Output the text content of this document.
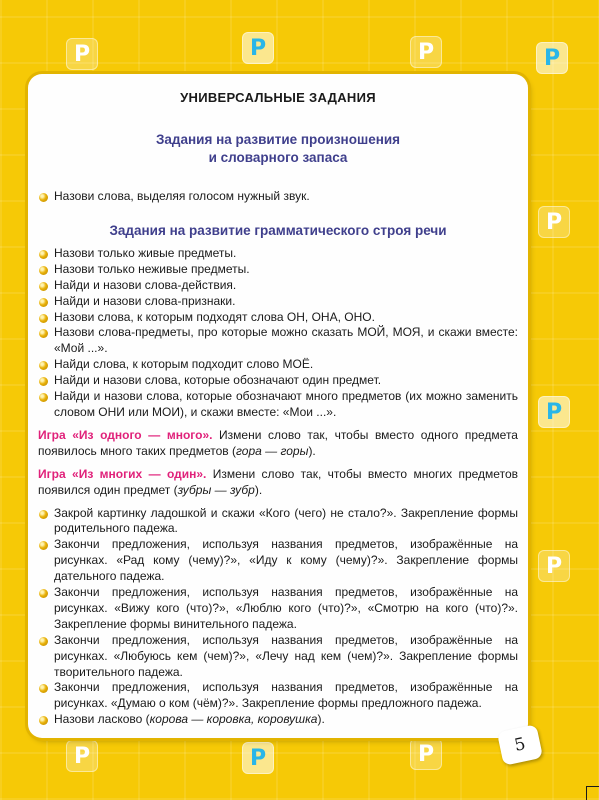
P	P	P	P
P
P
P
P	P	P
УНИВЕРСАЛЬНЫЕ ЗАДАНИЯ
Задания на развитие произношения
и словарного запаса
Назови слова, выделяя голосом нужный звук.
Задания на развитие грамматического строя речи
Назови только живые предметы.
Назови только неживые предметы.
Найди и назови слова-действия.
Найди и назови слова-признаки.
Назови слова, к которым подходят слова ОН, ОНА, ОНО.
Назови слова-предметы, про которые можно сказать МОЙ, МОЯ, и скажи вместе: «Мой ...».
Найди слова, к которым подходит слово МОЁ.
Найди и назови слова, которые обозначают один предмет.
Найди и назови слова, которые обозначают много предметов (их можно заменить словом ОНИ или МОИ), и скажи вместе: «Мои ...».

Игра «Из одного — много». Измени слово так, чтобы вместо одного предмета появилось много таких предметов (гора — горы).

Игра «Из многих — один». Измени слово так, чтобы вместо многих предметов появился один предмет (зубры — зубр).

Закрой картинку ладошкой и скажи «Кого (чего) не стало?». Закрепление формы родительного падежа.
Закончи предложения, используя названия предметов, изображённые на рисунках. «Рад кому (чему)?», «Иду к кому (чему)?». Закрепление формы дательного падежа.
Закончи предложения, используя названия предметов, изображённые на рисунках. «Вижу кого (что)?», «Люблю кого (что)?», «Смотрю на кого (что)?». Закрепление формы винительного падежа.
Закончи предложения, используя названия предметов, изображённые на рисунках. «Любуюсь кем (чем)?», «Лечу над кем (чем)?». Закрепление формы творительного падежа.
Закончи предложения, используя названия предметов, изображённые на рисунках. «Думаю о ком (чём)?». Закрепление формы предложного падежа.
Назови ласково (корова — коровка, коровушка).
5
